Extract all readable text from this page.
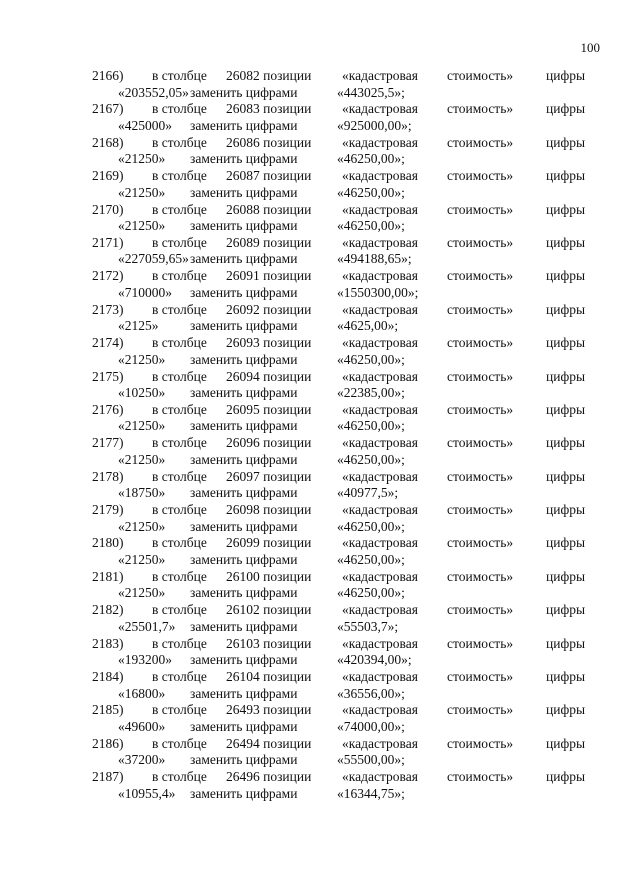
100
2166) в столбце 26082 позиции «кадастровая стоимость» цифры
«203552,05» заменить цифрами	«443025,5»;
2167) в столбце 26083 позиции «кадастровая стоимость» цифры
«425000» заменить цифрами	«925000,00»;
2168) в столбце 26086 позиции «кадастровая стоимость» цифры
«21250» заменить цифрами	«46250,00»;
2169) в столбце 26087 позиции «кадастровая стоимость» цифры
«21250» заменить цифрами	«46250,00»;
2170) в столбце 26088 позиции «кадастровая стоимость» цифры
«21250» заменить цифрами	«46250,00»;
2171) в столбце 26089 позиции «кадастровая стоимость» цифры
«227059,65» заменить цифрами	«494188,65»;
2172) в столбце 26091 позиции «кадастровая стоимость» цифры
«710000» заменить цифрами	«1550300,00»;
2173) в столбце 26092 позиции «кадастровая стоимость» цифры
«2125» заменить цифрами	«4625,00»;
2174) в столбце 26093 позиции «кадастровая стоимость» цифры
«21250» заменить цифрами	«46250,00»;
2175) в столбце 26094 позиции «кадастровая стоимость» цифры
«10250» заменить цифрами	«22385,00»;
2176) в столбце 26095 позиции «кадастровая стоимость» цифры
«21250» заменить цифрами	«46250,00»;
2177) в столбце 26096 позиции «кадастровая стоимость» цифры
«21250» заменить цифрами	«46250,00»;
2178) в столбце 26097 позиции «кадастровая стоимость» цифры
«18750» заменить цифрами	«40977,5»;
2179) в столбце 26098 позиции «кадастровая стоимость» цифры
«21250» заменить цифрами	«46250,00»;
2180) в столбце 26099 позиции «кадастровая стоимость» цифры
«21250» заменить цифрами	«46250,00»;
2181) в столбце 26100 позиции «кадастровая стоимость» цифры
«21250» заменить цифрами	«46250,00»;
2182) в столбце 26102 позиции «кадастровая стоимость» цифры
«25501,7» заменить цифрами	«55503,7»;
2183) в столбце 26103 позиции «кадастровая стоимость» цифры
«193200» заменить цифрами	«420394,00»;
2184) в столбце 26104 позиции «кадастровая стоимость» цифры
«16800» заменить цифрами	«36556,00»;
2185) в столбце 26493 позиции «кадастровая стоимость» цифры
«49600» заменить цифрами	«74000,00»;
2186) в столбце 26494 позиции «кадастровая стоимость» цифры
«37200» заменить цифрами	«55500,00»;
2187) в столбце 26496 позиции «кадастровая стоимость» цифры
«10955,4» заменить цифрами	«16344,75»;
